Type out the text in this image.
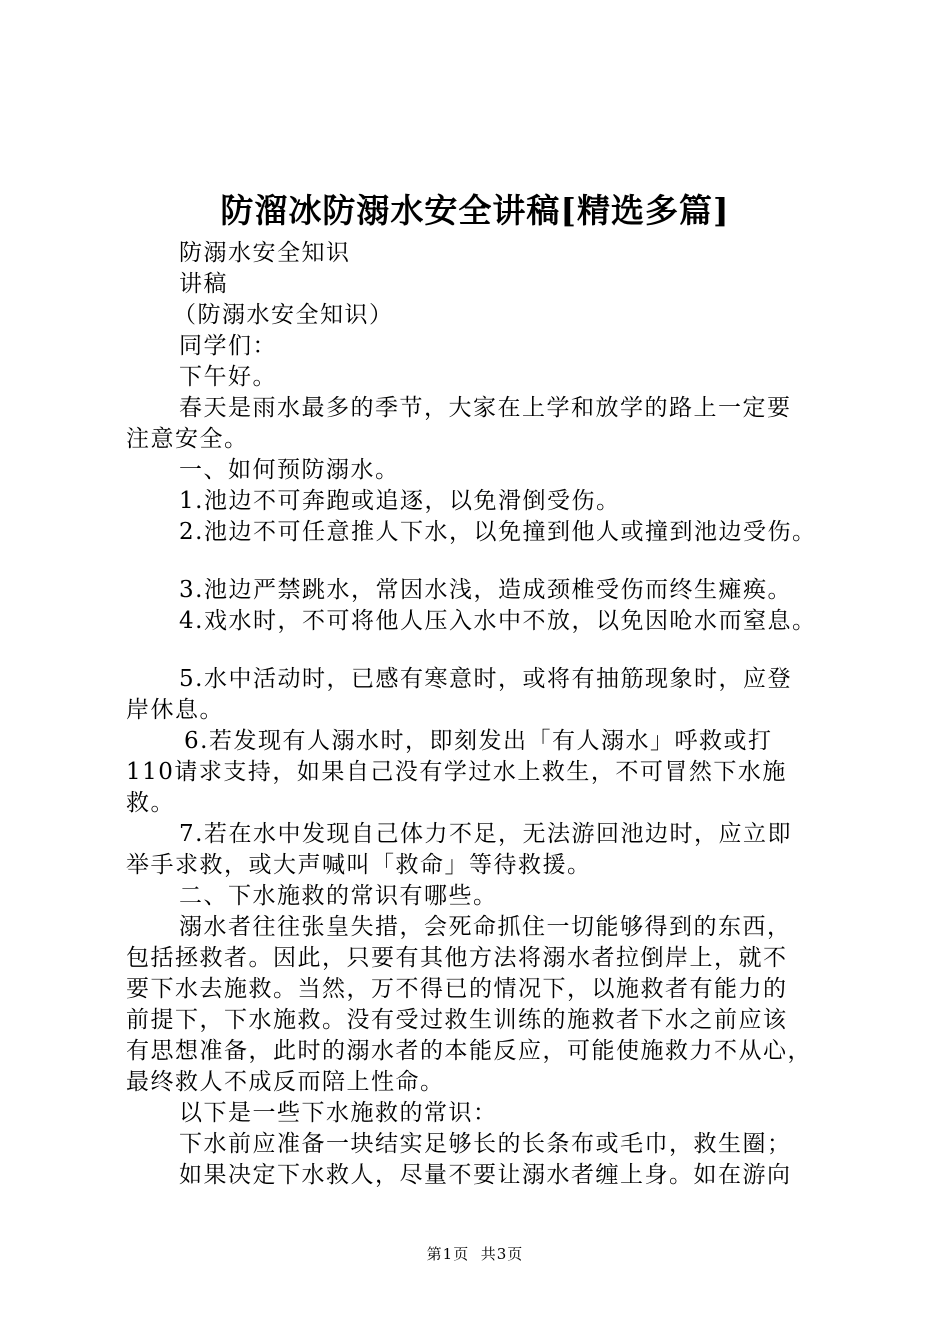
防溜冰防溺水安全讲稿[精选多篇]
防溺水安全知识
讲稿
（防溺水安全知识）
同学们：
下午好。
春天是雨水最多的季节，大家在上学和放学的路上一定要
注意安全。
一、如何预防溺水。
1.池边不可奔跑或追逐，以免滑倒受伤。
2.池边不可任意推人下水，以免撞到他人或撞到池边受伤。
3.池边严禁跳水，常因水浅，造成颈椎受伤而终生瘫痪。
4.戏水时，不可将他人压入水中不放，以免因呛水而窒息。
5.水中活动时，已感有寒意时，或将有抽筋现象时，应登
岸休息。
6.若发现有人溺水时，即刻发出「有人溺水」呼救或打
110请求支持，如果自己没有学过水上救生，不可冒然下水施
救。
7.若在水中发现自己体力不足，无法游回池边时，应立即
举手求救，或大声喊叫「救命」等待救援。
二、下水施救的常识有哪些。
溺水者往往张皇失措，会死命抓住一切能够得到的东西，
包括拯救者。因此，只要有其他方法将溺水者拉倒岸上，就不
要下水去施救。当然，万不得已的情况下，以施救者有能力的
前提下，下水施救。没有受过救生训练的施救者下水之前应该
有思想准备，此时的溺水者的本能反应，可能使施救力不从心，
最终救人不成反而陪上性命。
以下是一些下水施救的常识：
下水前应准备一块结实足够长的长条布或毛巾，救生圈；
如果决定下水救人，尽量不要让溺水者缠上身。如在游向
第1页 共3页
